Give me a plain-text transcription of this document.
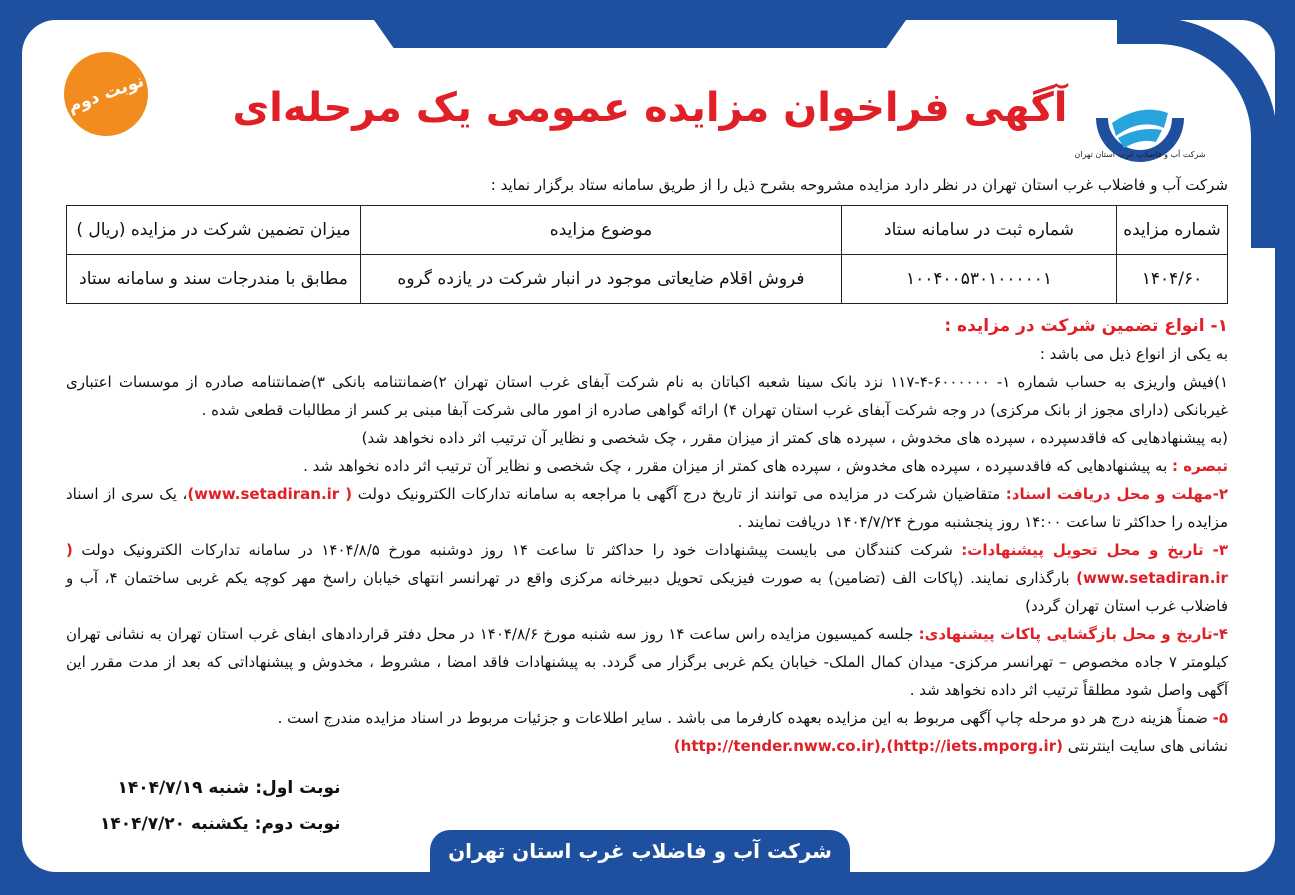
شرکت آب و فاضلاب غرب استان تهران
نوبت دوم	آگهی فراخوان مزایده عمومی یک مرحله‌ای
شرکت آب و فاضلاب غرب استان تهران در نظر دارد مزایده مشروحه بشرح ذیل را از طریق سامانه ستاد برگزار نماید :
شماره مزایده	شماره ثبت در سامانه ستاد	موضوع مزایده	میزان تضمین شرکت در مزایده (ریال )
۱۴۰۴/۶۰	۱۰۰۴۰۰۵۳۰۱۰۰۰۰۰۱	فروش اقلام ضایعاتی موجود در انبار شرکت در یازده گروه	مطابق با مندرجات سند و سامانه ستاد

۱- انواع تضمین شرکت در مزایده :

به یکی از انواع ذیل می باشد :

۱)فیش واریزی به حساب شماره ۱- ۶۰۰۰۰۰۰-۴-۱۱۷ نزد بانک سینا شعبه اکباتان به نام شرکت آبفای غرب استان تهران ۲)ضمانتنامه بانکی ۳)ضمانتنامه صادره از موسسات اعتباری غیربانکی (دارای مجوز از بانک مرکزی) در وجه شرکت آبفای غرب استان تهران ۴) ارائه گواهی صادره از امور مالی شرکت آبفا مبنی بر کسر از مطالبات قطعی شده .

(به پیشنهادهایی که فاقدسپرده ، سپرده های مخدوش ، سپرده های کمتر از میزان مقرر ، چک شخصی و نظایر آن ترتیب اثر داده نخواهد شد)

تبصره : به پیشنهادهایی که فاقدسپرده ، سپرده های مخدوش ، سپرده های کمتر از میزان مقرر ، چک شخصی و نظایر آن ترتیب اثر داده نخواهد شد .

۲-مهلت و محل دریافت اسناد: متقاضیان شرکت در مزایده می توانند از تاریخ درج آگهی با مراجعه به سامانه تدارکات الکترونیک دولت ( www.setadiran.ir)، یک سری از اسناد مزایده را حداکثر تا ساعت ۱۴:۰۰ روز پنجشنبه مورخ ۱۴۰۴/۷/۲۴ دریافت نمایند .

۳- تاریخ و محل تحویل پیشنهادات: شرکت کنندگان می بایست پیشنهادات خود را حداکثر تا ساعت ۱۴ روز دوشنبه مورخ ۱۴۰۴/۸/۵ در سامانه تدارکات الکترونیک دولت ( www.setadiran.ir) بارگذاری نمایند. (پاکات الف (تضامین) به صورت فیزیکی تحویل دبیرخانه مرکزی واقع در تهرانسر انتهای خیابان راسخ مهر کوچه یکم غربی ساختمان ۴، آب و فاضلاب غرب استان تهران گردد)

۴-تاریخ و محل بازگشایی پاکات پیشنهادی: جلسه کمیسیون مزایده راس ساعت ۱۴ روز سه شنبه مورخ ۱۴۰۴/۸/۶ در محل دفتر قراردادهای ابفای غرب استان تهران به نشانی تهران کیلومتر ۷ جاده مخصوص – تهرانسر مرکزی- میدان کمال الملک- خیابان یکم غربی برگزار می گردد. به پیشنهادات فاقد امضا ، مشروط ، مخدوش و پیشنهاداتی که بعد از مدت مقرر این آگهی واصل شود مطلقاً ترتیب اثر داده نخواهد شد .

۵- ضمناً هزینه درج هر دو مرحله چاپ آگهی مربوط به این مزایده بعهده کارفرما می باشد . سایر اطلاعات و جزئیات مربوط در اسناد مزایده مندرج است .

نشانی های سایت اینترنتی (http://tender.nww.co.ir),(http://iets.mporg.ir)

نوبت اول: شنبه ۱۴۰۴/۷/۱۹
نوبت دوم: یکشنبه ۱۴۰۴/۷/۲۰
شرکت آب و فاضلاب غرب استان تهران
